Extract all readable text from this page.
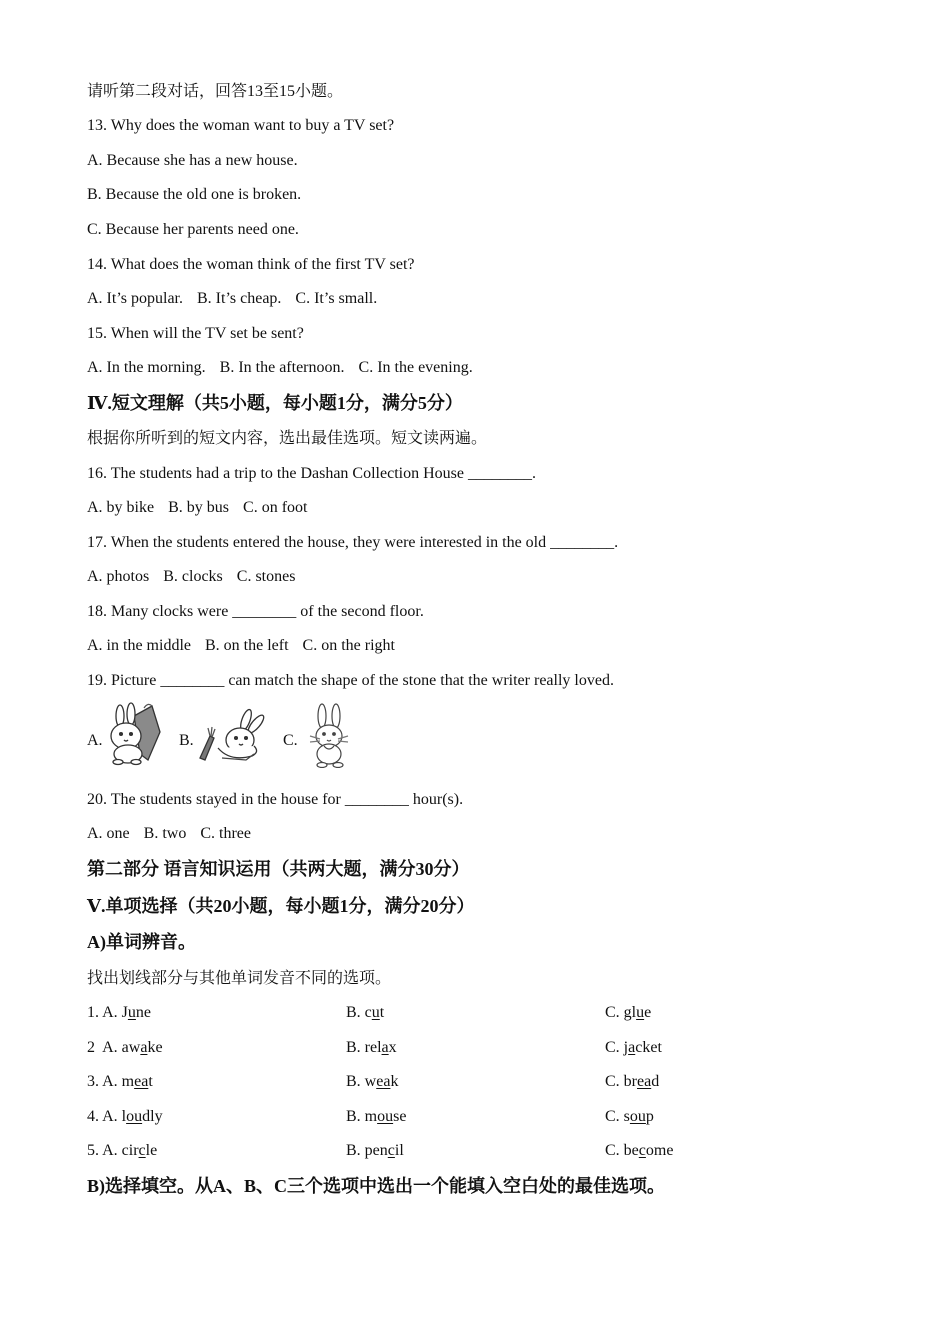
请听第二段对话，回答13至15小题。
13. Why does the woman want to buy a TV set?
A. Because she has a new house.
B. Because the old one is broken.
C. Because her parents need one.
14. What does the woman think of the first TV set?
A. It’s popular. B. It’s cheap. C. It’s small.
15. When will the TV set be sent?
A. In the morning. B. In the afternoon. C. In the evening.
Ⅳ.短文理解（共5小题，每小题1分，满分5分）
根据你所听到的短文内容，选出最佳选项。短文读两遍。
16. The students had a trip to the Dashan Collection House ________.
A. by bike B. by bus C. on foot
17. When the students entered the house, they were interested in the old ________.
A. photos B. clocks C. stones
18. Many clocks were ________ of the second floor.
A. in the middle B. on the left C. on the right
19. Picture ________ can match the shape of the stone that the writer really loved.
A.	B.	C.
20. The students stayed in the house for ________ hour(s).
A. one B. two C. three
第二部分 语言知识运用（共两大题，满分30分）
Ⅴ.单项选择（共20小题，每小题1分，满分20分）
A)单词辨音。
找出划线部分与其他单词发音不同的选项。
1. A. June	B. cut	C. glue
2  A. awake	B. relax	C. jacket
3. A. meat	B. weak	C. bread
4. A. loudly	B. mouse	C. soup
5. A. circle	B. pencil	C. become
B)选择填空。从A、B、C三个选项中选出一个能填入空白处的最佳选项。
